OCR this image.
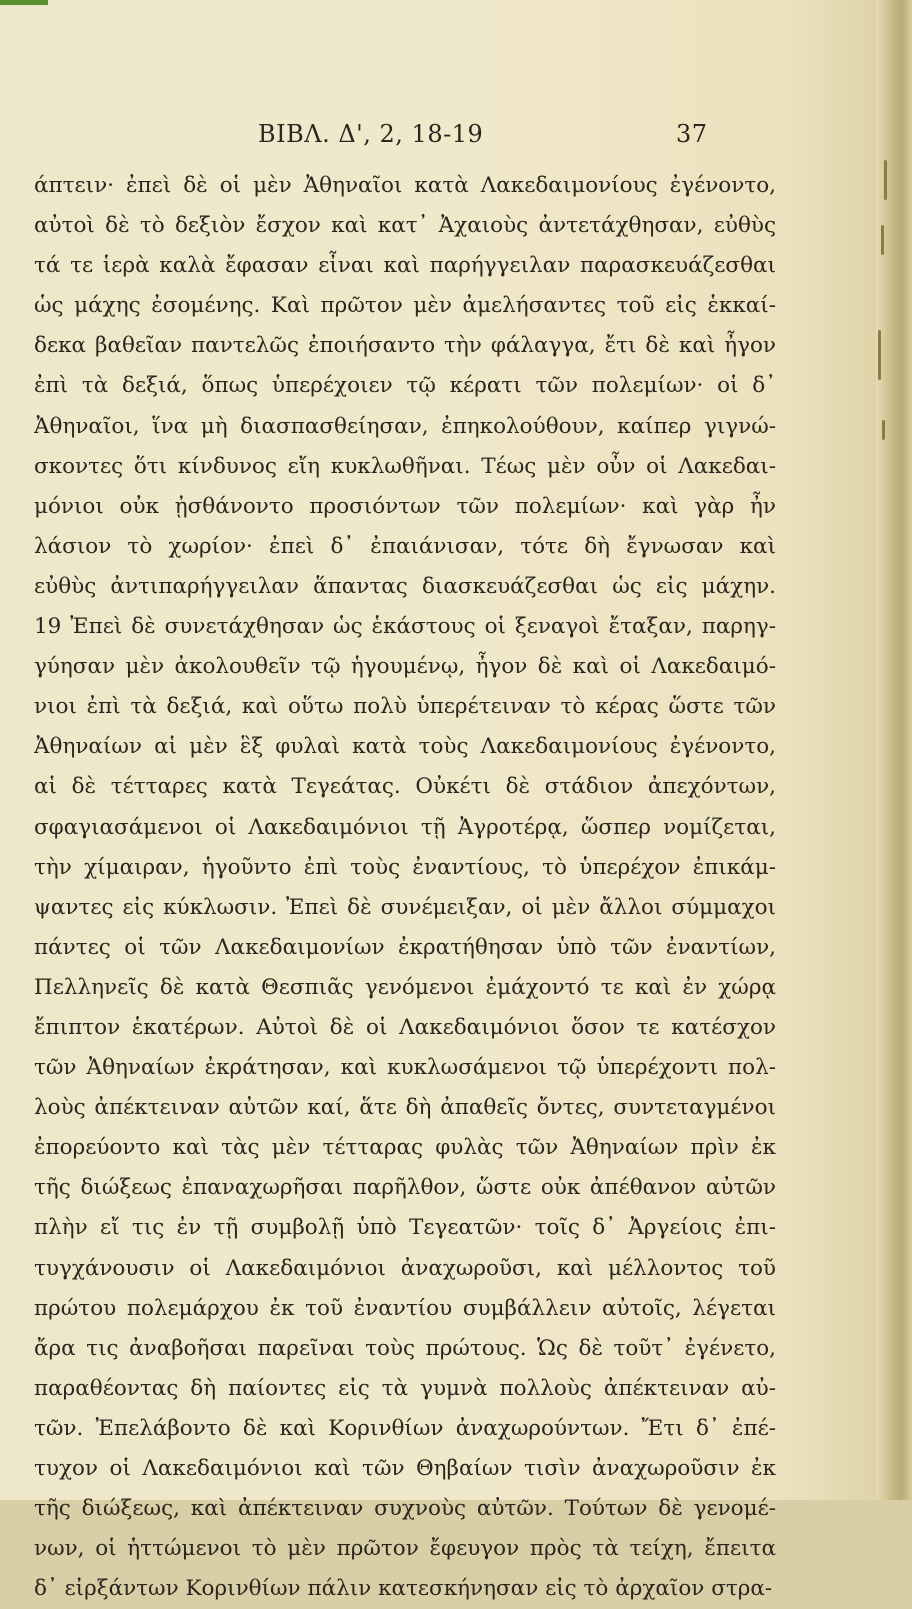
ΒΙΒΛ. Δ', 2, 18-19	37
άπτειν· ἐπεὶ δὲ οἱ μὲν Ἀθηναῖοι κατὰ Λακεδαιμονίους ἐγένοντο,
αὐτοὶ δὲ τὸ δεξιὸν ἔσχον καὶ κατ᾽ Ἀχαιοὺς ἀντετάχθησαν, εὐθὺς
τά τε ἱερὰ καλὰ ἔφασαν εἶναι καὶ παρήγγειλαν παρασκευάζεσθαι
ὡς μάχης ἐσομένης. Καὶ πρῶτον μὲν ἀμελήσαντες τοῦ εἰς ἑκκαί-
δεκα βαθεῖαν παντελῶς ἐποιήσαντο τὴν φάλαγγα, ἔτι δὲ καὶ ἦγον
ἐπὶ τὰ δεξιά, ὅπως ὑπερέχοιεν τῷ κέρατι τῶν πολεμίων· οἱ δ᾽
Ἀθηναῖοι, ἵνα μὴ διασπασθείησαν, ἐπηκολούθουν, καίπερ γιγνώ-
σκοντες ὅτι κίνδυνος εἴη κυκλωθῆναι. Τέως μὲν οὖν οἱ Λακεδαι-
μόνιοι οὐκ ᾐσθάνοντο προσιόντων τῶν πολεμίων· καὶ γὰρ ἦν
λάσιον τὸ χωρίον· ἐπεὶ δ᾽ ἐπαιάνισαν, τότε δὴ ἔγνωσαν καὶ
εὐθὺς ἀντιπαρήγγειλαν ἅπαντας διασκευάζεσθαι ὡς εἰς μάχην.
19 Ἐπεὶ δὲ συνετάχθησαν ὡς ἑκάστους οἱ ξεναγοὶ ἔταξαν, παρηγ-
γύησαν μὲν ἀκολουθεῖν τῷ ἡγουμένῳ, ἦγον δὲ καὶ οἱ Λακεδαιμό-
νιοι ἐπὶ τὰ δεξιά, καὶ οὕτω πολὺ ὑπερέτειναν τὸ κέρας ὥστε τῶν
Ἀθηναίων αἱ μὲν ἓξ φυλαὶ κατὰ τοὺς Λακεδαιμονίους ἐγένοντο,
αἱ δὲ τέτταρες κατὰ Τεγεάτας. Οὐκέτι δὲ στάδιον ἀπεχόντων,
σφαγιασάμενοι οἱ Λακεδαιμόνιοι τῇ Ἀγροτέρᾳ, ὥσπερ νομίζεται,
τὴν χίμαιραν, ἡγοῦντο ἐπὶ τοὺς ἐναντίους, τὸ ὑπερέχον ἐπικάμ-
ψαντες εἰς κύκλωσιν. Ἐπεὶ δὲ συνέμειξαν, οἱ μὲν ἄλλοι σύμμαχοι
πάντες οἱ τῶν Λακεδαιμονίων ἐκρατήθησαν ὑπὸ τῶν ἐναντίων,
Πελληνεῖς δὲ κατὰ Θεσπιᾶς γενόμενοι ἐμάχοντό τε καὶ ἐν χώρᾳ
ἔπιπτον ἑκατέρων. Αὐτοὶ δὲ οἱ Λακεδαιμόνιοι ὅσον τε κατέσχον
τῶν Ἀθηναίων ἐκράτησαν, καὶ κυκλωσάμενοι τῷ ὑπερέχοντι πολ-
λοὺς ἀπέκτειναν αὐτῶν καί, ἅτε δὴ ἀπαθεῖς ὄντες, συντεταγμένοι
ἐπορεύοντο καὶ τὰς μὲν τέτταρας φυλὰς τῶν Ἀθηναίων πρὶν ἐκ
τῆς διώξεως ἐπαναχωρῆσαι παρῆλθον, ὥστε οὐκ ἀπέθανον αὐτῶν
πλὴν εἴ τις ἐν τῇ συμβολῇ ὑπὸ Τεγεατῶν· τοῖς δ᾽ Ἀργείοις ἐπι-
τυγχάνουσιν οἱ Λακεδαιμόνιοι ἀναχωροῦσι, καὶ μέλλοντος τοῦ
πρώτου πολεμάρχου ἐκ τοῦ ἐναντίου συμβάλλειν αὐτοῖς, λέγεται
ἄρα τις ἀναβοῆσαι παρεῖναι τοὺς πρώτους. Ὡς δὲ τοῦτ᾽ ἐγένετο,
παραθέοντας δὴ παίοντες εἰς τὰ γυμνὰ πολλοὺς ἀπέκτειναν αὐ-
τῶν. Ἐπελάβοντο δὲ καὶ Κορινθίων ἀναχωρούντων. Ἔτι δ᾽ ἐπέ-
τυχον οἱ Λακεδαιμόνιοι καὶ τῶν Θηβαίων τισὶν ἀναχωροῦσιν ἐκ
τῆς διώξεως, καὶ ἀπέκτειναν συχνοὺς αὐτῶν. Τούτων δὲ γενομέ-
νων, οἱ ἡττώμενοι τὸ μὲν πρῶτον ἔφευγον πρὸς τὰ τείχη, ἔπειτα
δ᾽ εἰρξάντων Κορινθίων πάλιν κατεσκήνησαν εἰς τὸ ἀρχαῖον στρα-
